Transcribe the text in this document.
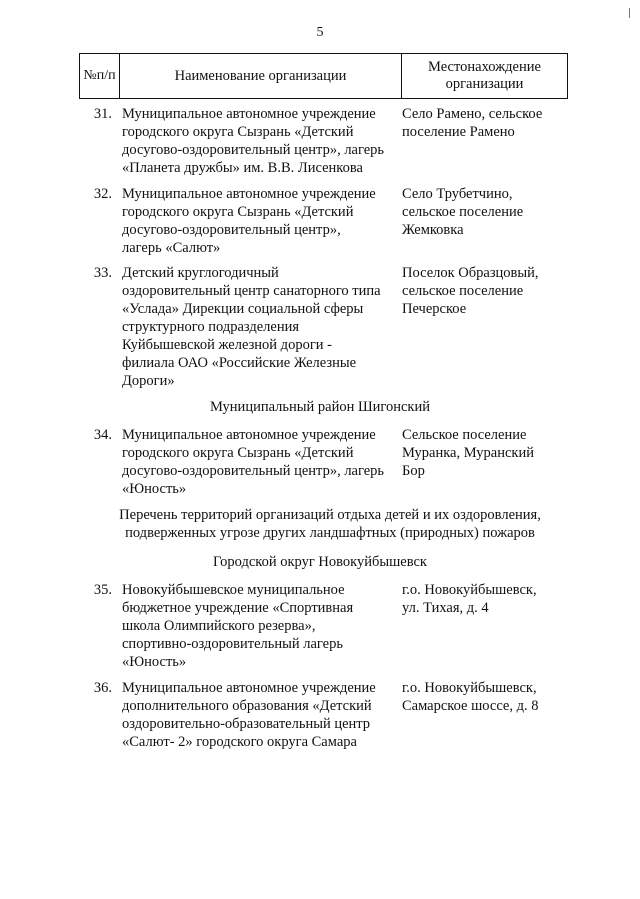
5
№п/п	Наименование организации
Местонахождение организации
31. Муниципальное автономное учреждение
городского округа Сызрань «Детский
досугово-оздоровительный центр», лагерь
«Планета дружбы» им. В.В. Лисенкова
Село Рамено, сельское
поселение Рамено
32. Муниципальное автономное учреждение
городского округа Сызрань «Детский
досугово-оздоровительный центр»,
лагерь «Салют»
Село Трубетчино,
сельское поселение
Жемковка
33. Детский круглогодичный
оздоровительный центр санаторного типа
«Услада» Дирекции социальной сферы
структурного подразделения
Куйбышевской железной дороги -
филиала ОАО «Российские Железные
Дороги»
Поселок Образцовый,
сельское поселение
Печерское
Муниципальный район Шигонский
34. Муниципальное автономное учреждение
городского округа Сызрань «Детский
досугово-оздоровительный центр», лагерь
«Юность»
Сельское поселение
Муранка, Муранский
Бор
Перечень территорий организаций отдыха детей и их оздоровления,
подверженных угрозе других ландшафтных (природных) пожаров
Городской округ Новокуйбышевск
35. Новокуйбышевское муниципальное
бюджетное учреждение «Спортивная
школа Олимпийского резерва»,
спортивно-оздоровительный лагерь
«Юность»
г.о. Новокуйбышевск,
ул. Тихая, д. 4
36. Муниципальное автономное учреждение
дополнительного образования «Детский
оздоровительно-образовательный центр
«Салют- 2» городского округа Самара
г.о. Новокуйбышевск,
Самарское шоссе, д. 8
